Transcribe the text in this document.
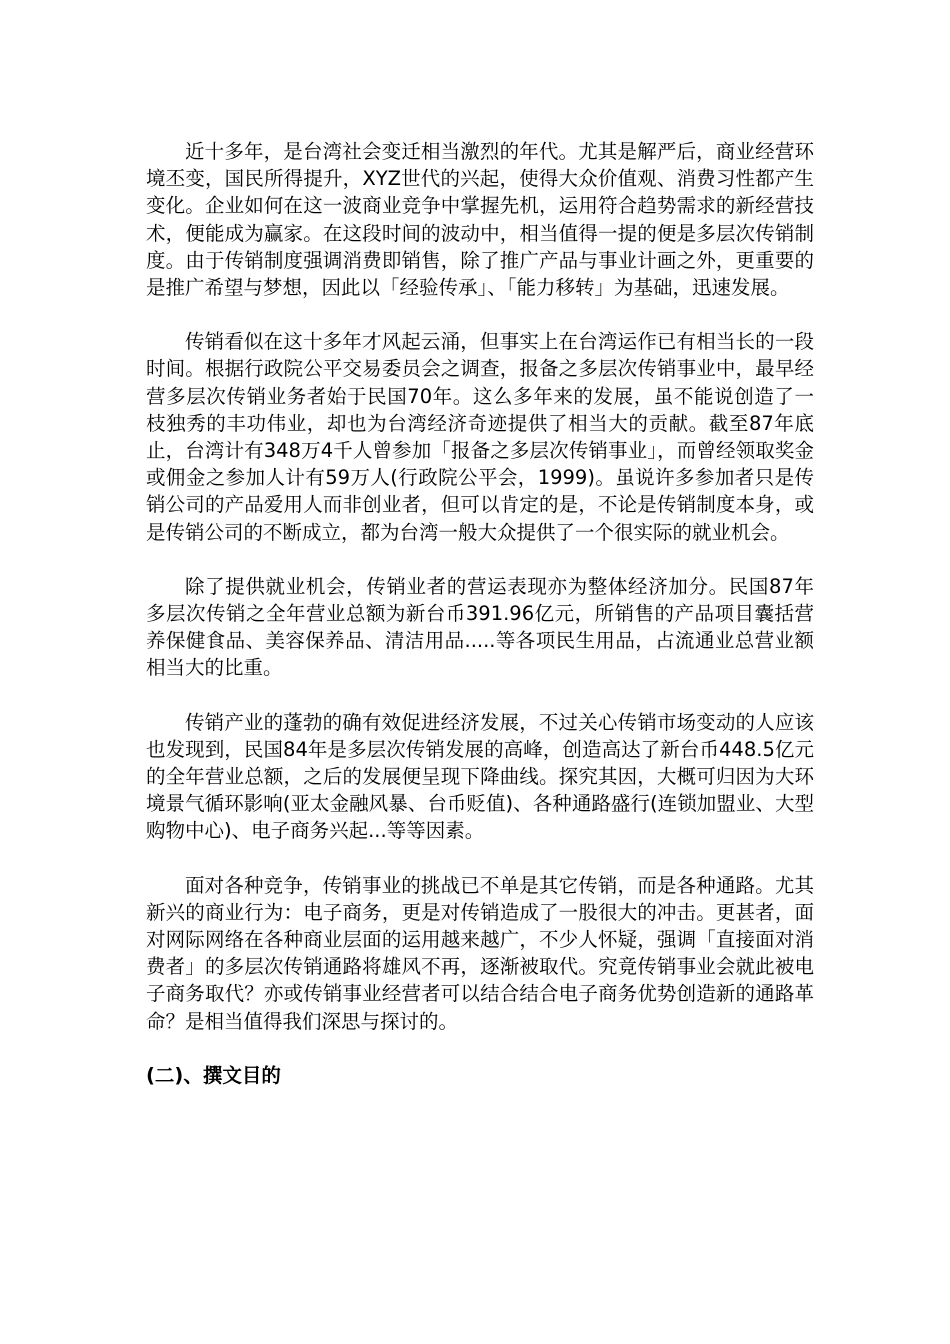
近十多年，是台湾社会变迁相当激烈的年代。尤其是解严后，商业经营环境丕变，国民所得提升，XYZ世代的兴起，使得大众价值观、消费习性都产生变化。企业如何在这一波商业竞争中掌握先机，运用符合趋势需求的新经营技术，便能成为赢家。在这段时间的波动中，相当值得一提的便是多层次传销制度。由于传销制度强调消费即销售，除了推广产品与事业计画之外，更重要的是推广希望与梦想，因此以「经验传承」、「能力移转」为基础，迅速发展。

传销看似在这十多年才风起云涌，但事实上在台湾运作已有相当长的一段时间。根据行政院公平交易委员会之调查，报备之多层次传销事业中，最早经营多层次传销业务者始于民国70年。这么多年来的发展，虽不能说创造了一枝独秀的丰功伟业，却也为台湾经济奇迹提供了相当大的贡献。截至87年底止，台湾计有348万4千人曾参加「报备之多层次传销事业」，而曾经领取奖金或佣金之参加人计有59万人(行政院公平会，1999)。虽说许多参加者只是传销公司的产品爱用人而非创业者，但可以肯定的是，不论是传销制度本身，或是传销公司的不断成立，都为台湾一般大众提供了一个很实际的就业机会。

除了提供就业机会，传销业者的营运表现亦为整体经济加分。民国87年多层次传销之全年营业总额为新台币391.96亿元，所销售的产品项目囊括营养保健食品、美容保养品、清洁用品.....等各项民生用品，占流通业总营业额相当大的比重。

传销产业的蓬勃的确有效促进经济发展，不过关心传销市场变动的人应该也发现到，民国84年是多层次传销发展的高峰，创造高达了新台币448.5亿元的全年营业总额，之后的发展便呈现下降曲线。探究其因，大概可归因为大环境景气循环影响(亚太金融风暴、台币贬值)、各种通路盛行(连锁加盟业、大型购物中心)、电子商务兴起...等等因素。

面对各种竞争，传销事业的挑战已不单是其它传销，而是各种通路。尤其新兴的商业行为：电子商务，更是对传销造成了一股很大的冲击。更甚者，面对网际网络在各种商业层面的运用越来越广，不少人怀疑，强调「直接面对消费者」的多层次传销通路将雄风不再，逐渐被取代。究竟传销事业会就此被电子商务取代？亦或传销事业经营者可以结合结合电子商务优势创造新的通路革命？是相当值得我们深思与探讨的。

(二)、撰文目的
